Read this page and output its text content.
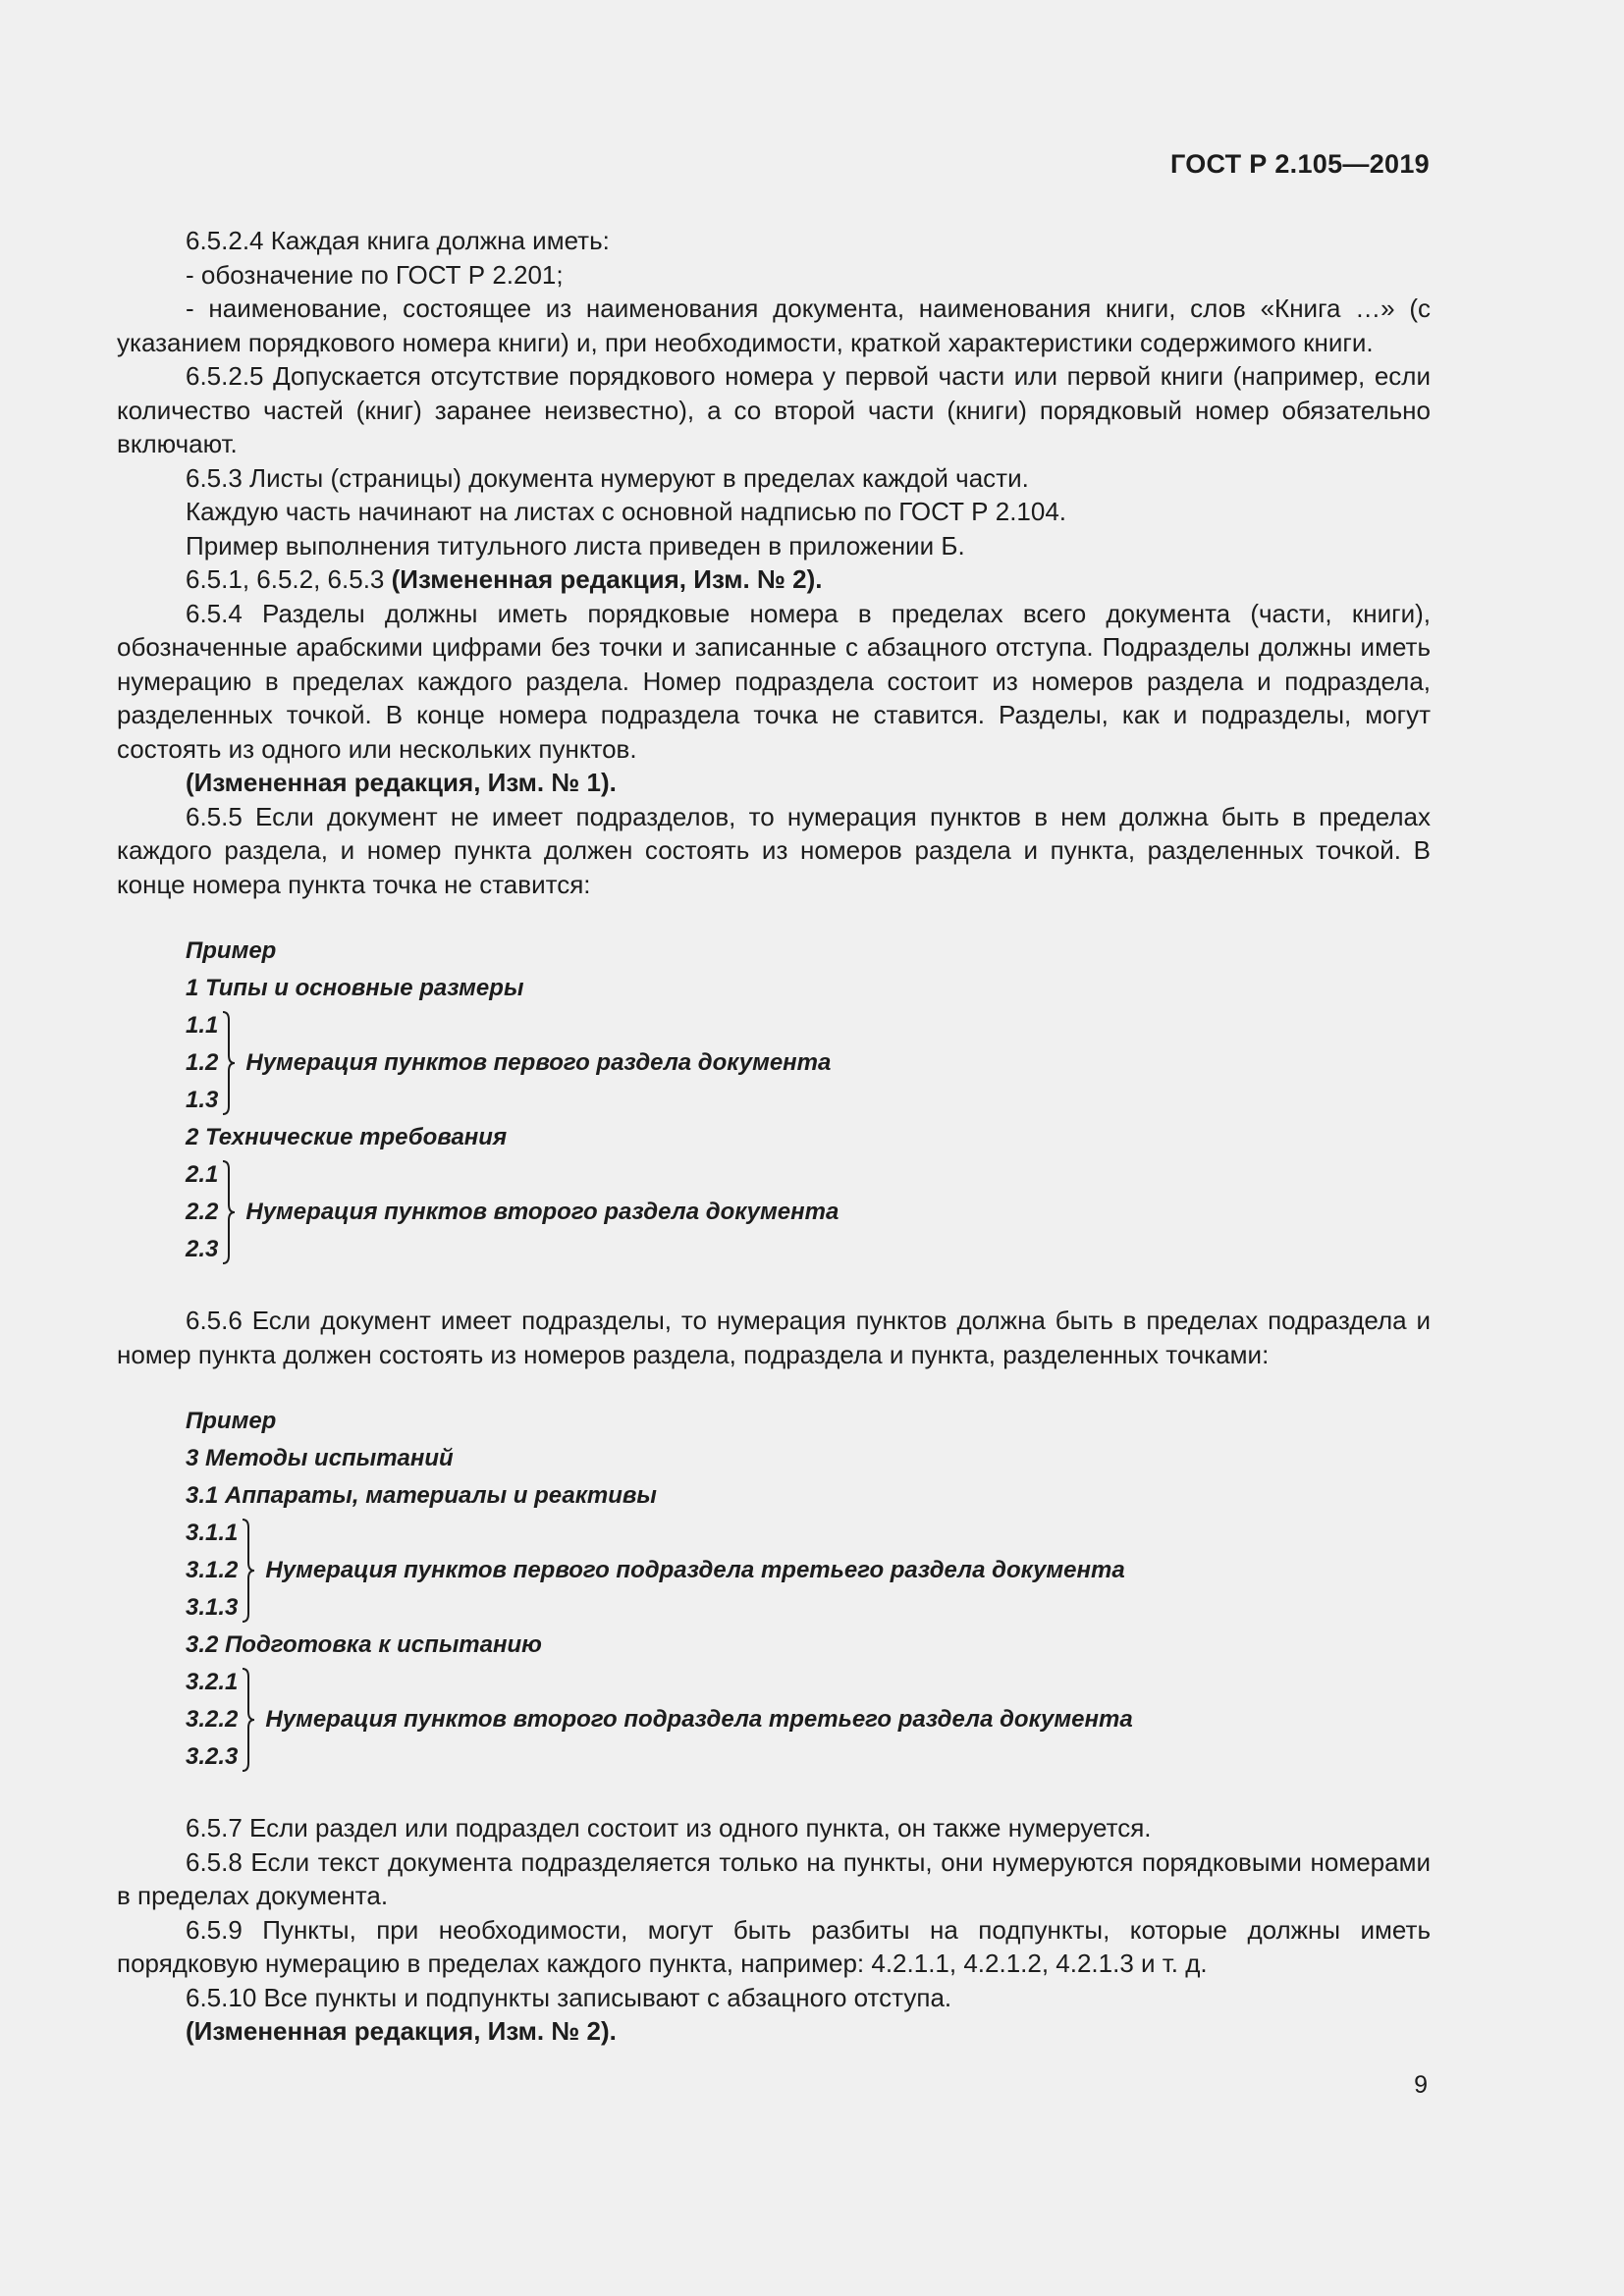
ГОСТ Р 2.105—2019

6.5.2.4 Каждая книга должна иметь:

- обозначение по ГОСТ Р 2.201;

- наименование, состоящее из наименования документа, наименования книги, слов «Книга …» (с указанием порядкового номера книги) и, при необходимости, краткой характеристики содержимого книги.

6.5.2.5 Допускается отсутствие порядкового номера у первой части или первой книги (например, если количество частей (книг) заранее неизвестно), а со второй части (книги) порядковый номер обязательно включают.

6.5.3 Листы (страницы) документа нумеруют в пределах каждой части.

Каждую часть начинают на листах с основной надписью по ГОСТ Р 2.104.

Пример выполнения титульного листа приведен в приложении Б.

6.5.1, 6.5.2, 6.5.3 (Измененная редакция, Изм. № 2).

6.5.4 Разделы должны иметь порядковые номера в пределах всего документа (части, книги), обозначенные арабскими цифрами без точки и записанные с абзацного отступа. Подразделы должны иметь нумерацию в пределах каждого раздела. Номер подраздела состоит из номеров раздела и подраздела, разделенных точкой. В конце номера подраздела точка не ставится. Разделы, как и подразделы, могут состоять из одного или нескольких пунктов.

(Измененная редакция, Изм. № 1).

6.5.5 Если документ не имеет подразделов, то нумерация пунктов в нем должна быть в пределах каждого раздела, и номер пункта должен состоять из номеров раздела и пункта, разделенных точкой. В конце номера пункта точка не ставится:

Пример
1 Типы и основные размеры
1.1
1.2
1.3
Нумерация пунктов первого раздела документа
2 Технические требования
2.1
2.2
2.3
Нумерация пунктов второго раздела документа

6.5.6 Если документ имеет подразделы, то нумерация пунктов должна быть в пределах подраздела и номер пункта должен состоять из номеров раздела, подраздела и пункта, разделенных точками:

Пример
3 Методы испытаний
3.1 Аппараты, материалы и реактивы
3.1.1
3.1.2
3.1.3
Нумерация пунктов первого подраздела третьего раздела документа
3.2 Подготовка к испытанию
3.2.1
3.2.2
3.2.3
Нумерация пунктов второго подраздела третьего раздела документа

6.5.7 Если раздел или подраздел состоит из одного пункта, он также нумеруется.

6.5.8 Если текст документа подразделяется только на пункты, они нумеруются порядковыми номерами в пределах документа.

6.5.9 Пункты, при необходимости, могут быть разбиты на подпункты, которые должны иметь порядковую нумерацию в пределах каждого пункта, например: 4.2.1.1, 4.2.1.2, 4.2.1.3 и т. д.

6.5.10 Все пункты и подпункты записывают с абзацного отступа.

(Измененная редакция, Изм. № 2).

9
